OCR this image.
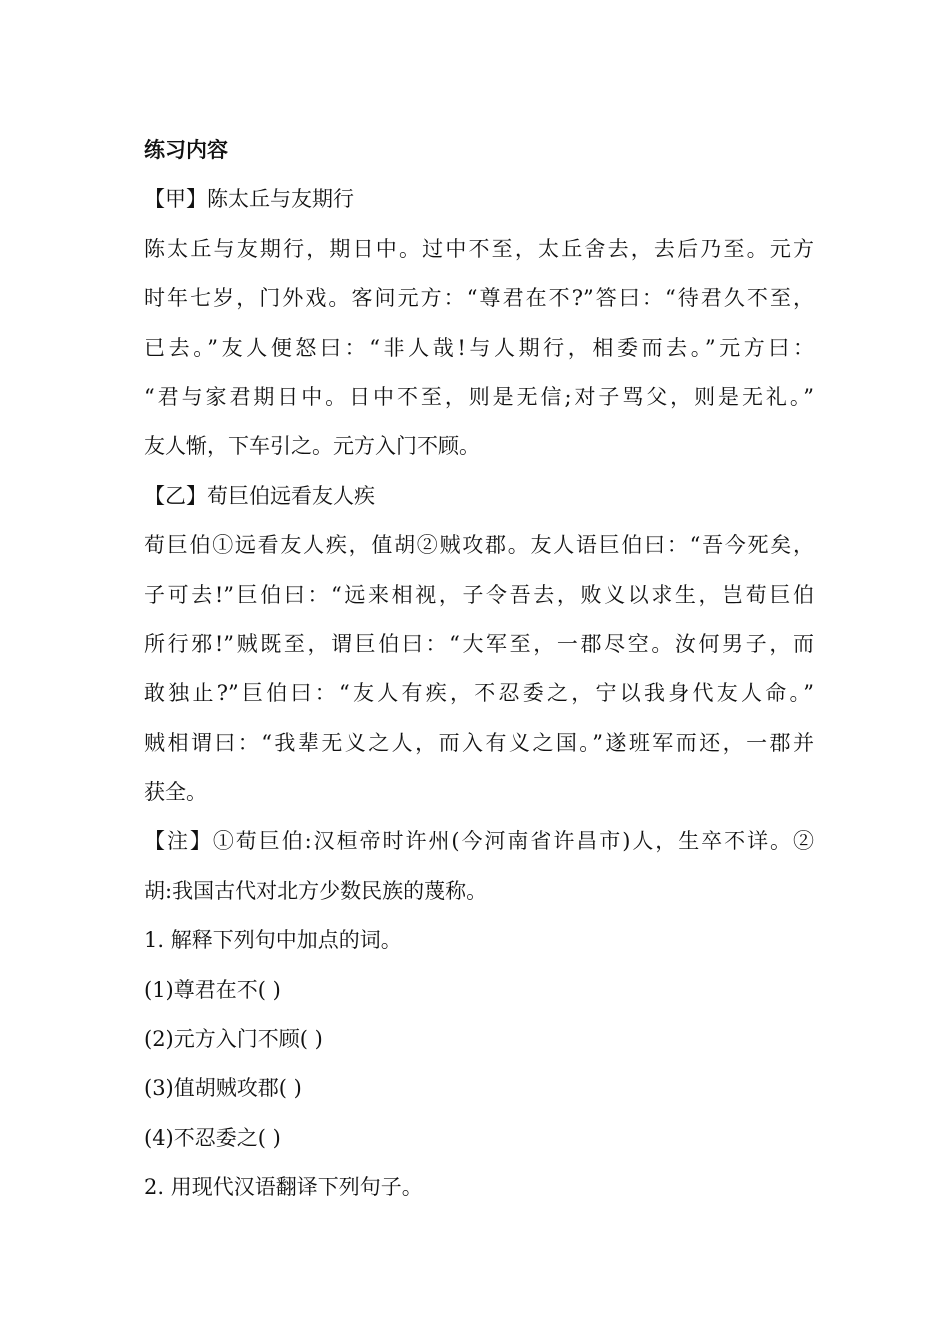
练习内容
【甲】陈太丘与友期行
陈太丘与友期行，期日中。过中不至，太丘舍去，去后乃至。元方
时年七岁，门外戏。客问元方：“尊君在不?”答曰：“待君久不至，
已去。”友人便怒曰：“非人哉!与人期行，相委而去。”元方曰：
“君与家君期日中。日中不至，则是无信;对子骂父，则是无礼。”
友人惭，下车引之。元方入门不顾。
【乙】荀巨伯远看友人疾
荀巨伯①远看友人疾，值胡②贼攻郡。友人语巨伯曰：“吾今死矣，
子可去!”巨伯曰：“远来相视，子令吾去，败义以求生，岂荀巨伯
所行邪!”贼既至，谓巨伯曰：“大军至，一郡尽空。汝何男子，而
敢独止?”巨伯曰：“友人有疾，不忍委之，宁以我身代友人命。”
贼相谓曰：“我辈无义之人，而入有义之国。”遂班军而还，一郡并
获全。
【注】①荀巨伯:汉桓帝时许州(今河南省许昌市)人，生卒不详。②
胡:我国古代对北方少数民族的蔑称。
1. 解释下列句中加点的词。
(1)尊君在不( )
(2)元方入门不顾( )
(3)值胡贼攻郡( )
(4)不忍委之( )
2. 用现代汉语翻译下列句子。
